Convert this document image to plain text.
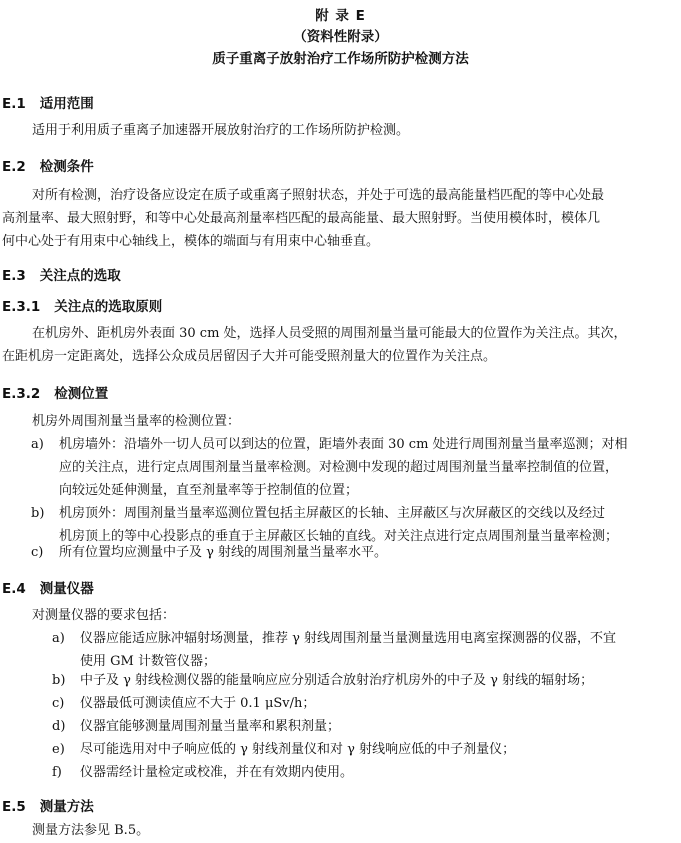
附 录 E
（资料性附录）
质子重离子放射治疗工作场所防护检测方法
E.1 适用范围
适用于利用质子重离子加速器开展放射治疗的工作场所防护检测。
E.2 检测条件
对所有检测，治疗设备应设定在质子或重离子照射状态，并处于可选的最高能量档匹配的等中心处最
高剂量率、最大照射野，和等中心处最高剂量率档匹配的最高能量、最大照射野。当使用模体时，模体几
何中心处于有用束中心轴线上，模体的端面与有用束中心轴垂直。
E.3 关注点的选取
E.3.1 关注点的选取原则
在机房外、距机房外表面 30 cm 处，选择人员受照的周围剂量当量可能最大的位置作为关注点。其次，
在距机房一定距离处，选择公众成员居留因子大并可能受照剂量大的位置作为关注点。
E.3.2 检测位置
机房外周围剂量当量率的检测位置：
a) 机房墙外：沿墙外一切人员可以到达的位置，距墙外表面 30 cm 处进行周围剂量当量率巡测；对相
应的关注点，进行定点周围剂量当量率检测。对检测中发现的超过周围剂量当量率控制值的位置，
向较远处延伸测量，直至剂量率等于控制值的位置；
b) 机房顶外：周围剂量当量率巡测位置包括主屏蔽区的长轴、主屏蔽区与次屏蔽区的交线以及经过
机房顶上的等中心投影点的垂直于主屏蔽区长轴的直线。对关注点进行定点周围剂量当量率检测；
c) 所有位置均应测量中子及 γ 射线的周围剂量当量率水平。
E.4 测量仪器
对测量仪器的要求包括：
a) 仪器应能适应脉冲辐射场测量，推荐 γ 射线周围剂量当量测量选用电离室探测器的仪器，不宜
使用 GM 计数管仪器；
b) 中子及 γ 射线检测仪器的能量响应应分别适合放射治疗机房外的中子及 γ 射线的辐射场；
c) 仪器最低可测读值应不大于 0.1 μSv/h；
d) 仪器宜能够测量周围剂量当量率和累积剂量；
e) 尽可能选用对中子响应低的 γ 射线剂量仪和对 γ 射线响应低的中子剂量仪；
f) 仪器需经计量检定或校准，并在有效期内使用。
E.5 测量方法
测量方法参见 B.5。
